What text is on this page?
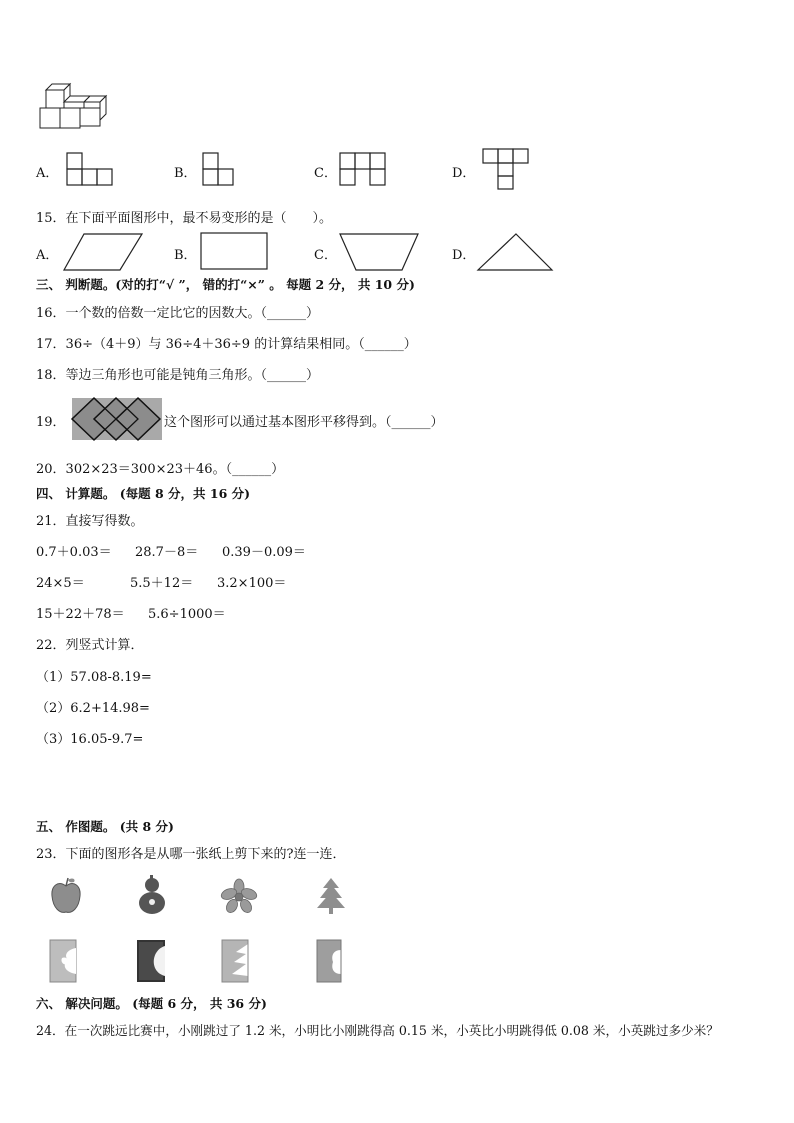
A．	B．	C．	D．
15．在下面平面图形中，最不易变形的是（　　）。
A．	B．	C．	D．
三、 判断题。(对的打“√ ”， 错的打“×” 。 每题 2 分， 共 10 分)
16．一个数的倍数一定比它的因数大。（______）
17．36÷（4＋9）与 36÷4＋36÷9 的计算结果相同。（______）
18．等边三角形也可能是钝角三角形。（______）
19．	这个图形可以通过基本图形平移得到。（______）
20．302×23＝300×23＋46。（______）
四、 计算题。 (每题 8 分，共 16 分)
21．直接写得数。
0.7＋0.03＝ 28.7－8＝ 0.39－0.09＝
24×5＝	5.5＋12＝ 3.2×100＝
15＋22＋78＝ 5.6÷1000＝
22．列竖式计算．
（1）57.08-8.19=
（2）6.2+14.98=
（3）16.05-9.7=
五、 作图题。 (共 8 分)
23．下面的图形各是从哪一张纸上剪下来的?连一连．
六、 解决问题。 (每题 6 分， 共 36 分)
24．在一次跳远比赛中，小刚跳过了 1.2 米，小明比小刚跳得高 0.15 米，小英比小明跳得低 0.08 米，小英跳过多少米？
